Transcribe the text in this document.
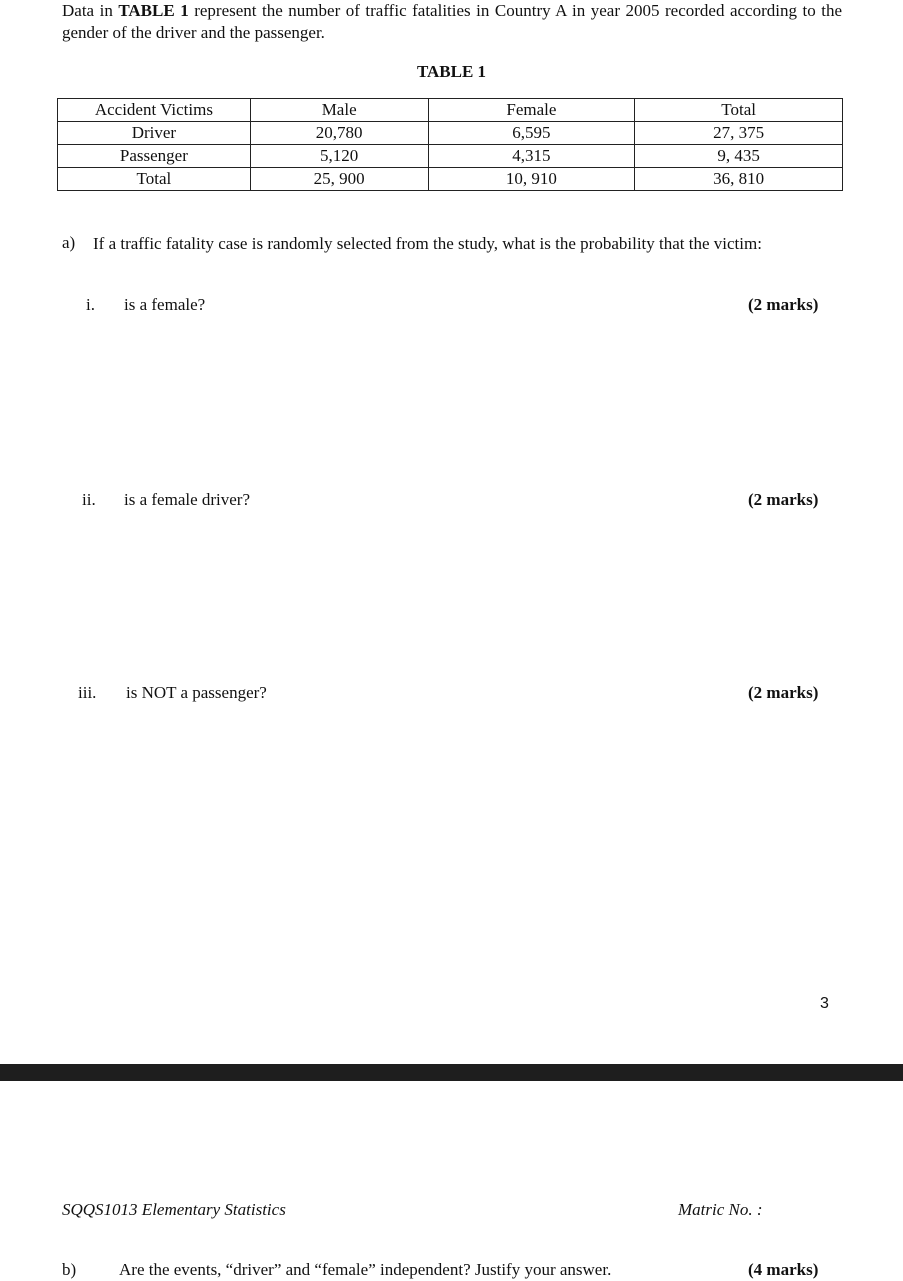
Data in TABLE 1 represent the number of traffic fatalities in Country A in year 2005 recorded according to the gender of the driver and the passenger.
TABLE 1
Accident Victims	Male	Female	Total
Driver	20,780	6,595	27, 375
Passenger	5,120	4,315	9, 435
Total	25, 900	10, 910	36, 810
a) If a traffic fatality case is randomly selected from the study, what is the probability that the victim:
i. is a female?	(2 marks)
ii. is a female driver?	(2 marks)
iii. is NOT a passenger?	(2 marks)
3
SQQS1013 Elementary Statistics	Matric No. :
b)	Are the events, “driver” and “female” independent? Justify your answer.	(4 marks)
